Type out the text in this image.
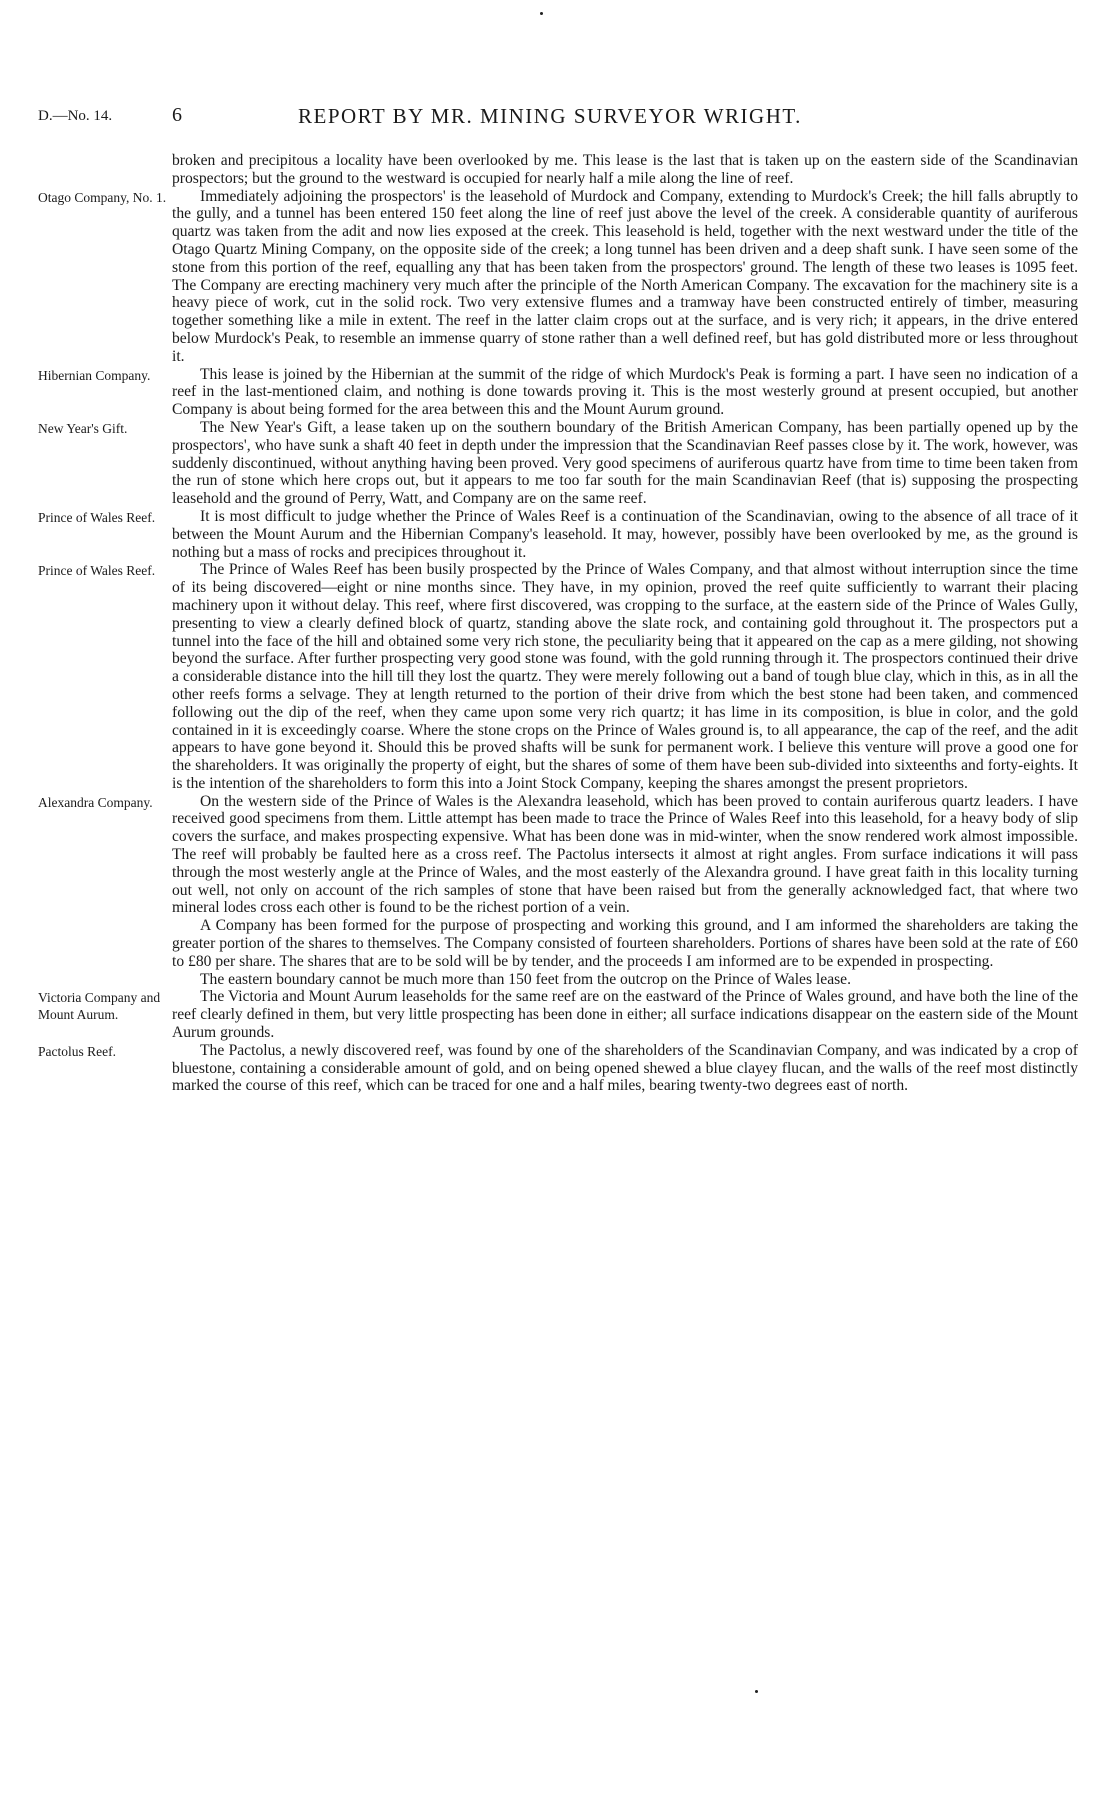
D.—No. 14.	6	REPORT BY MR. MINING SURVEYOR WRIGHT.
broken and precipitous a locality have been overlooked by me. This lease is the last that is taken up on the eastern side of the Scandinavian prospectors; but the ground to the westward is occupied for nearly half a mile along the line of reef.
Otago Company, No. 1.	Immediately adjoining the prospectors' is the leasehold of Murdock and Company, extending to Murdock's Creek; the hill falls abruptly to the gully, and a tunnel has been entered 150 feet along the line of reef just above the level of the creek. A considerable quantity of auriferous quartz was taken from the adit and now lies exposed at the creek. This leasehold is held, together with the next westward under the title of the Otago Quartz Mining Company, on the opposite side of the creek; a long tunnel has been driven and a deep shaft sunk. I have seen some of the stone from this portion of the reef, equalling any that has been taken from the prospectors' ground. The length of these two leases is 1095 feet. The Company are erecting machinery very much after the principle of the North American Company. The excavation for the machinery site is a heavy piece of work, cut in the solid rock. Two very extensive flumes and a tramway have been constructed entirely of timber, measuring together something like a mile in extent. The reef in the latter claim crops out at the surface, and is very rich; it appears, in the drive entered below Murdock's Peak, to resemble an immense quarry of stone rather than a well defined reef, but has gold distributed more or less throughout it.
Hibernian Company.	This lease is joined by the Hibernian at the summit of the ridge of which Murdock's Peak is forming a part. I have seen no indication of a reef in the last-mentioned claim, and nothing is done towards proving it. This is the most westerly ground at present occupied, but another Company is about being formed for the area between this and the Mount Aurum ground.
New Year's Gift.	The New Year's Gift, a lease taken up on the southern boundary of the British American Company, has been partially opened up by the prospectors', who have sunk a shaft 40 feet in depth under the impression that the Scandinavian Reef passes close by it. The work, however, was suddenly discontinued, without anything having been proved. Very good specimens of auriferous quartz have from time to time been taken from the run of stone which here crops out, but it appears to me too far south for the main Scandinavian Reef (that is) supposing the prospecting leasehold and the ground of Perry, Watt, and Company are on the same reef.
Prince of Wales Reef.	It is most difficult to judge whether the Prince of Wales Reef is a continuation of the Scandinavian, owing to the absence of all trace of it between the Mount Aurum and the Hibernian Company's leasehold. It may, however, possibly have been overlooked by me, as the ground is nothing but a mass of rocks and precipices throughout it.
Prince of Wales Reef.	The Prince of Wales Reef has been busily prospected by the Prince of Wales Company, and that almost without interruption since the time of its being discovered—eight or nine months since. They have, in my opinion, proved the reef quite sufficiently to warrant their placing machinery upon it without delay. This reef, where first discovered, was cropping to the surface, at the eastern side of the Prince of Wales Gully, presenting to view a clearly defined block of quartz, standing above the slate rock, and containing gold throughout it. The prospectors put a tunnel into the face of the hill and obtained some very rich stone, the peculiarity being that it appeared on the cap as a mere gilding, not showing beyond the surface. After further prospecting very good stone was found, with the gold running through it. The prospectors continued their drive a considerable distance into the hill till they lost the quartz. They were merely following out a band of tough blue clay, which in this, as in all the other reefs forms a selvage. They at length returned to the portion of their drive from which the best stone had been taken, and commenced following out the dip of the reef, when they came upon some very rich quartz; it has lime in its composition, is blue in color, and the gold contained in it is exceedingly coarse. Where the stone crops on the Prince of Wales ground is, to all appearance, the cap of the reef, and the adit appears to have gone beyond it. Should this be proved shafts will be sunk for permanent work. I believe this venture will prove a good one for the shareholders. It was originally the property of eight, but the shares of some of them have been sub-divided into sixteenths and forty-eights. It is the intention of the shareholders to form this into a Joint Stock Company, keeping the shares amongst the present proprietors.
Alexandra Company.	On the western side of the Prince of Wales is the Alexandra leasehold, which has been proved to contain auriferous quartz leaders. I have received good specimens from them. Little attempt has been made to trace the Prince of Wales Reef into this leasehold, for a heavy body of slip covers the surface, and makes prospecting expensive. What has been done was in mid-winter, when the snow rendered work almost impossible. The reef will probably be faulted here as a cross reef. The Pactolus intersects it almost at right angles. From surface indications it will pass through the most westerly angle at the Prince of Wales, and the most easterly of the Alexandra ground. I have great faith in this locality turning out well, not only on account of the rich samples of stone that have been raised but from the generally acknowledged fact, that where two mineral lodes cross each other is found to be the richest portion of a vein.
A Company has been formed for the purpose of prospecting and working this ground, and I am informed the shareholders are taking the greater portion of the shares to themselves. The Company consisted of fourteen shareholders. Portions of shares have been sold at the rate of £60 to £80 per share. The shares that are to be sold will be by tender, and the proceeds I am informed are to be expended in prospecting.
The eastern boundary cannot be much more than 150 feet from the outcrop on the Prince of Wales lease.
Victoria Company and Mount Aurum.
The Victoria and Mount Aurum leaseholds for the same reef are on the eastward of the Prince of Wales ground, and have both the line of the reef clearly defined in them, but very little prospecting has been done in either; all surface indications disappear on the eastern side of the Mount Aurum grounds.
Pactolus Reef.	The Pactolus, a newly discovered reef, was found by one of the shareholders of the Scandinavian Company, and was indicated by a crop of bluestone, containing a considerable amount of gold, and on being opened shewed a blue clayey flucan, and the walls of the reef most distinctly marked the course of this reef, which can be traced for one and a half miles, bearing twenty-two degrees east of north.
